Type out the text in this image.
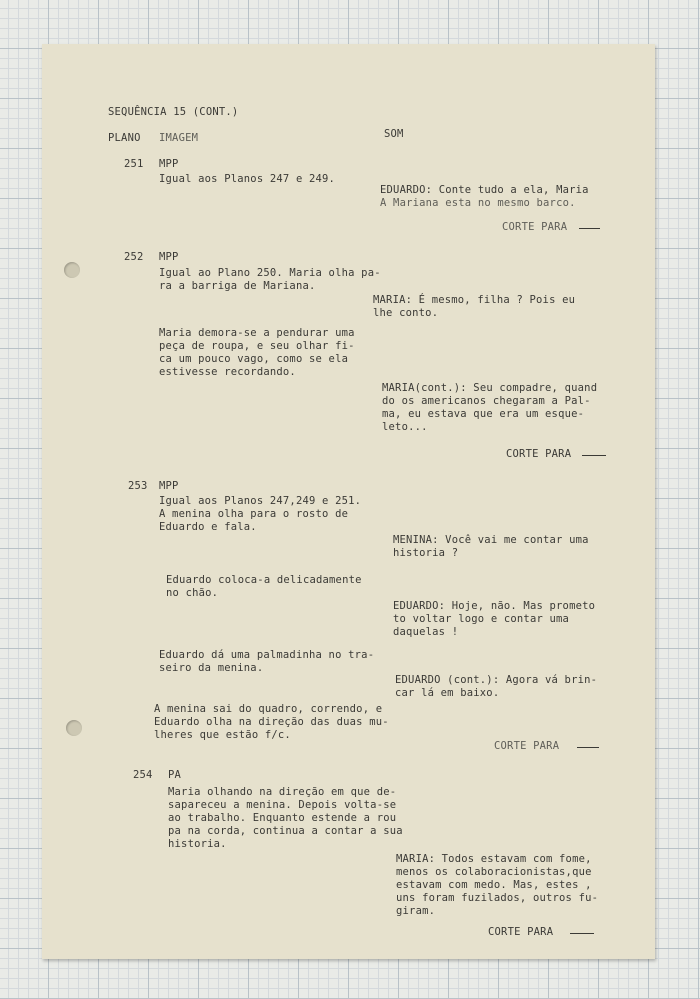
SEQUÊNCIA 15 (CONT.)
PLANO IMAGEM	SOM
251 MPP
Igual aos Planos 247 e 249.
EDUARDO: Conte tudo a ela, Maria
A Mariana esta no mesmo barco.
CORTE PARA
252 MPP
Igual ao Plano 250. Maria olha pa-
ra a barriga de Mariana.
MARIA: É mesmo, filha ? Pois eu
lhe conto.
Maria demora-se a pendurar uma
peça de roupa, e seu olhar fi-
ca um pouco vago, como se ela
estivesse recordando.
MARIA(cont.): Seu compadre, quand
do os americanos chegaram a Pal-
ma, eu estava que era um esque-
leto...
CORTE PARA
253 MPP
Igual aos Planos 247,249 e 251.
A menina olha para o rosto de
Eduardo e fala.
MENINA: Você vai me contar uma
historia ?
Eduardo coloca-a delicadamente
no chão.
EDUARDO: Hoje, não. Mas prometo
to voltar logo e contar uma
daquelas !
Eduardo dá uma palmadinha no tra-
seiro da menina.
EDUARDO (cont.): Agora vá brin-
car lá em baixo.
A menina sai do quadro, correndo, e
Eduardo olha na direção das duas mu-
lheres que estão f/c.
CORTE PARA
254 PA
Maria olhando na direção em que de-
sapareceu a menina. Depois volta-se
ao trabalho. Enquanto estende a rou
pa na corda, continua a contar a sua
historia.
MARIA: Todos estavam com fome,
menos os colaboracionistas,que
estavam com medo. Mas, estes ,
uns foram fuzilados, outros fu-
giram.
CORTE PARA
